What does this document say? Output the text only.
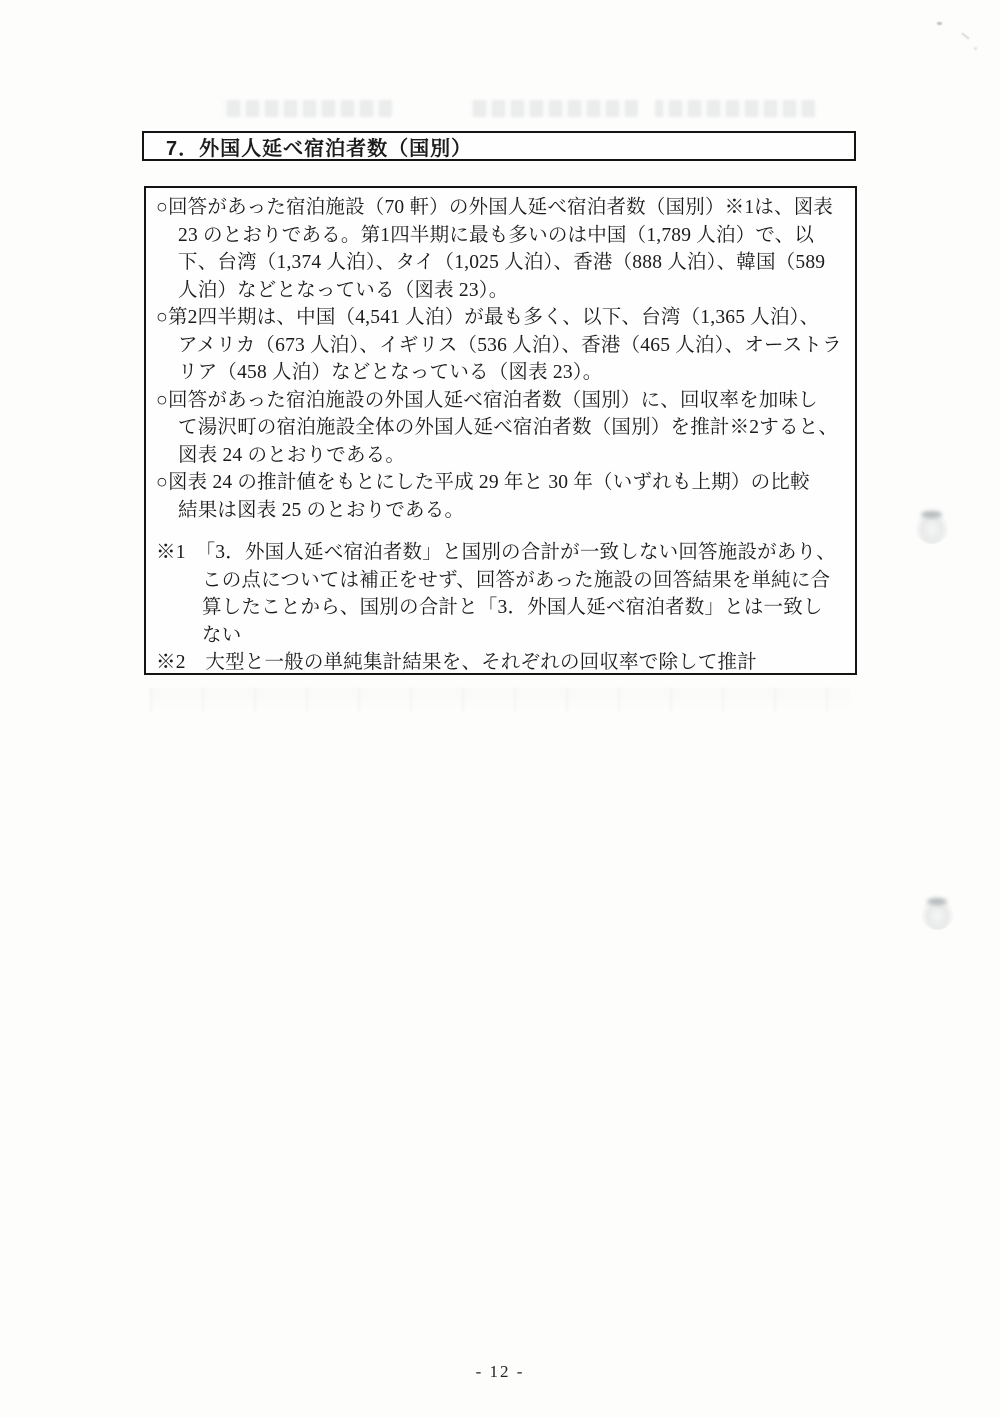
7．外国人延べ宿泊者数（国別）
○回答があった宿泊施設（70 軒）の外国人延べ宿泊者数（国別）※1は、図表
23 のとおりである。第1四半期に最も多いのは中国（1,789 人泊）で、以
下、台湾（1,374 人泊）、タイ（1,025 人泊）、香港（888 人泊）、韓国（589
人泊）などとなっている（図表 23）。
○第2四半期は、中国（4,541 人泊）が最も多く、以下、台湾（1,365 人泊）、
アメリカ（673 人泊）、イギリス（536 人泊）、香港（465 人泊）、オーストラ
リア（458 人泊）などとなっている（図表 23）。
○回答があった宿泊施設の外国人延べ宿泊者数（国別）に、回収率を加味し
て湯沢町の宿泊施設全体の外国人延べ宿泊者数（国別）を推計※2すると、
図表 24 のとおりである。
○図表 24 の推計値をもとにした平成 29 年と 30 年（いずれも上期）の比較
結果は図表 25 のとおりである。
※1　「3．外国人延べ宿泊者数」と国別の合計が一致しない回答施設があり、
この点については補正をせず、回答があった施設の回答結果を単純に合
算したことから、国別の合計と「3．外国人延べ宿泊者数」とは一致し
ない
※2　大型と一般の単純集計結果を、それぞれの回収率で除して推計
- 12 -
